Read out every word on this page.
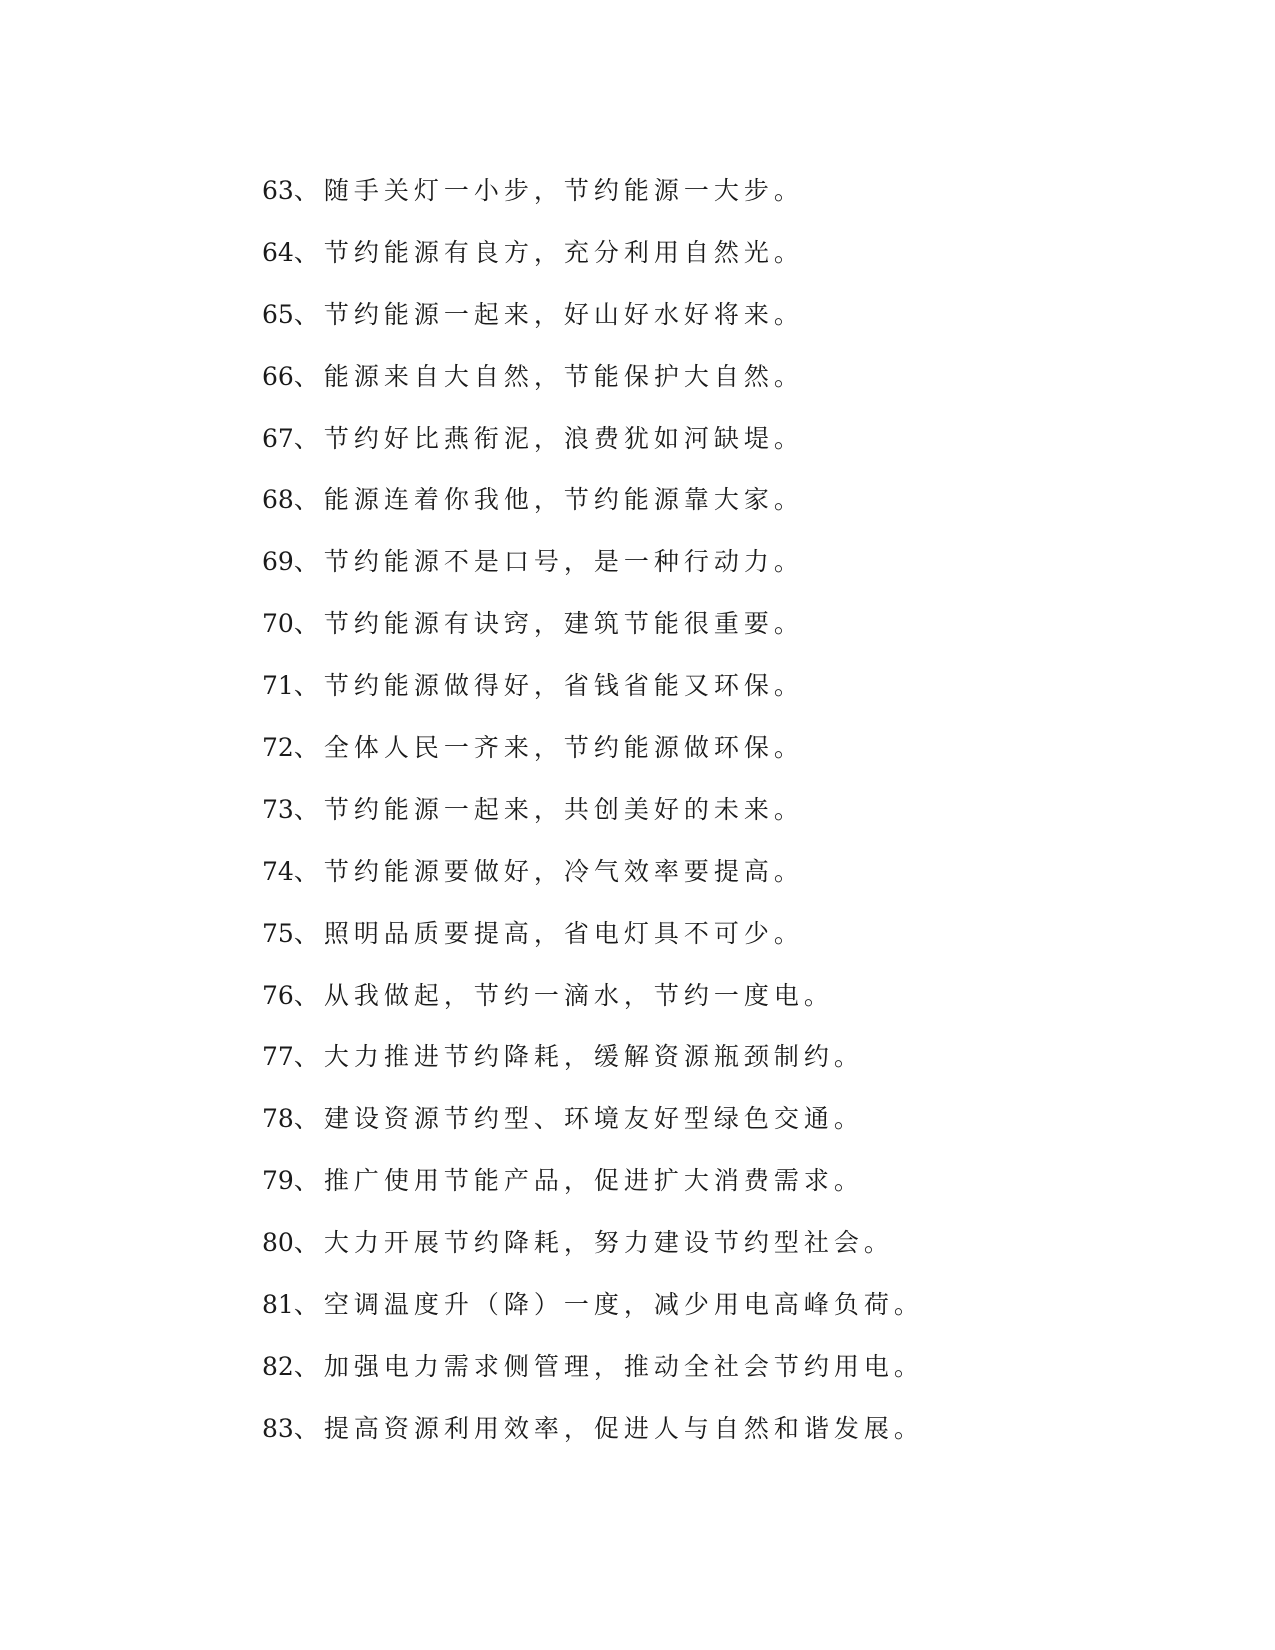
63、随手关灯一小步，节约能源一大步。
64、节约能源有良方，充分利用自然光。
65、节约能源一起来，好山好水好将来。
66、能源来自大自然，节能保护大自然。
67、节约好比燕衔泥，浪费犹如河缺堤。
68、能源连着你我他，节约能源靠大家。
69、节约能源不是口号，是一种行动力。
70、节约能源有诀窍，建筑节能很重要。
71、节约能源做得好，省钱省能又环保。
72、全体人民一齐来，节约能源做环保。
73、节约能源一起来，共创美好的未来。
74、节约能源要做好，冷气效率要提高。
75、照明品质要提高，省电灯具不可少。
76、从我做起，节约一滴水，节约一度电。
77、大力推进节约降耗，缓解资源瓶颈制约。
78、建设资源节约型、环境友好型绿色交通。
79、推广使用节能产品，促进扩大消费需求。
80、大力开展节约降耗，努力建设节约型社会。
81、空调温度升（降）一度，减少用电高峰负荷。
82、加强电力需求侧管理，推动全社会节约用电。
83、提高资源利用效率，促进人与自然和谐发展。
